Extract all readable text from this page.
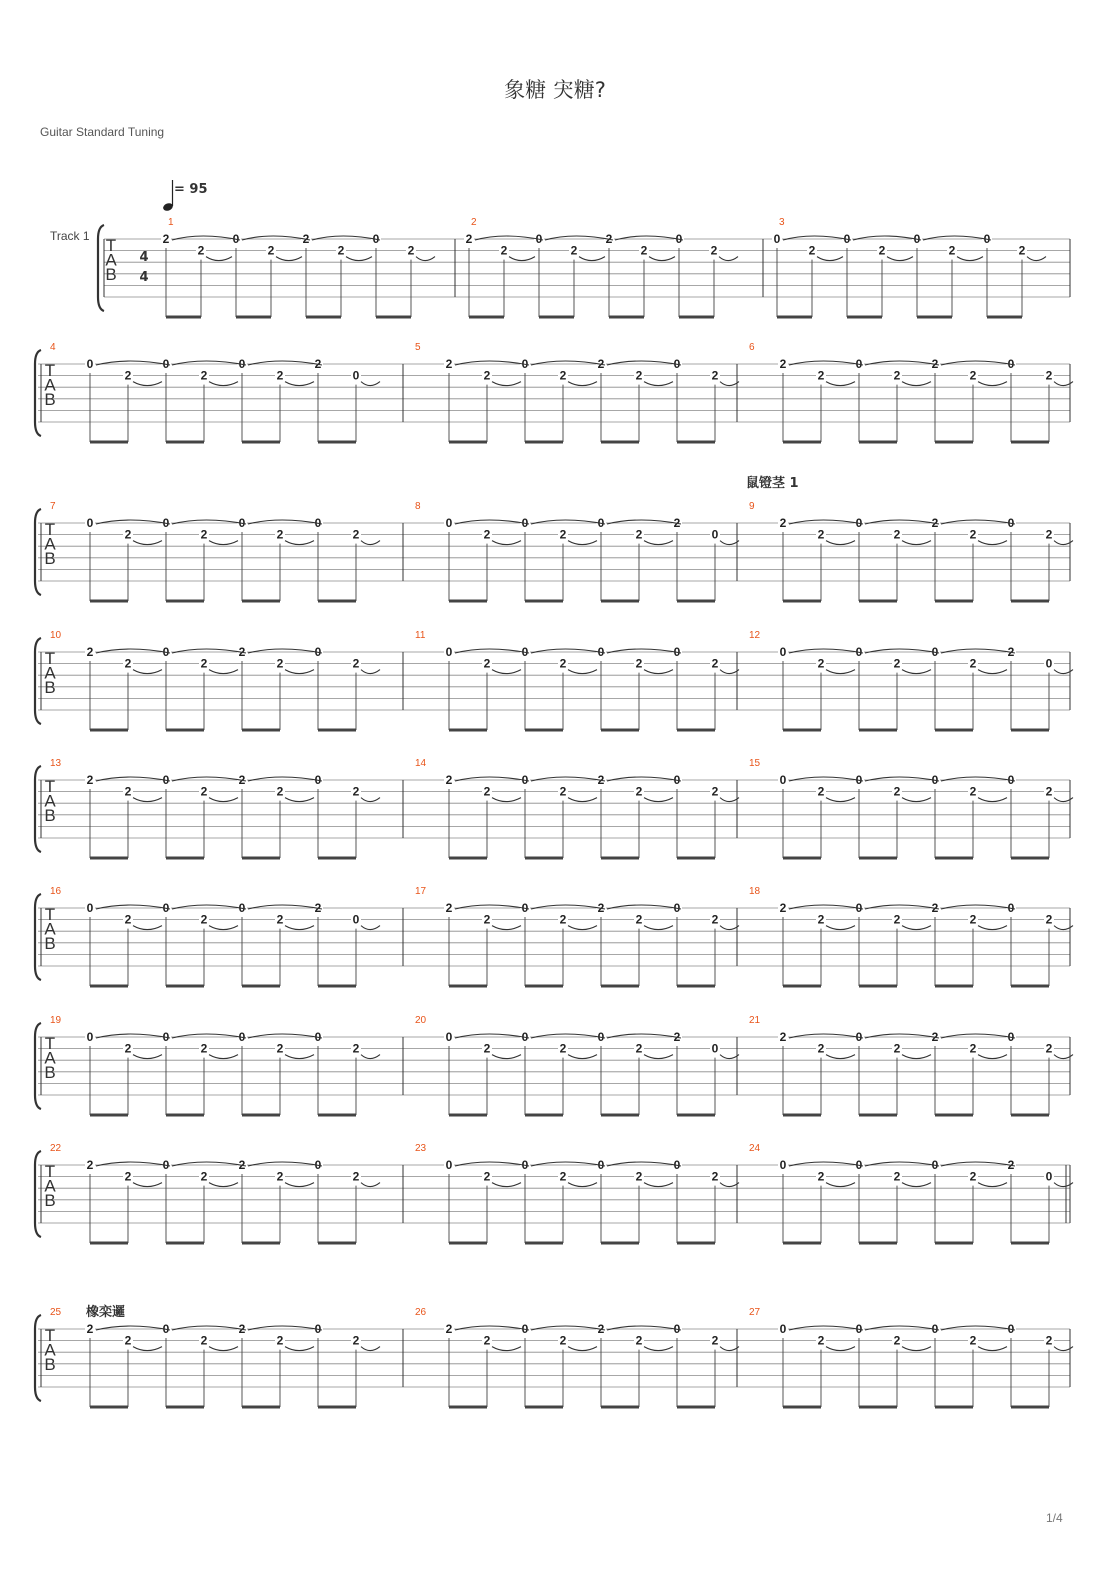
象糖 宊糖?
Guitar Standard Tuning
1/4
T
A
B
Track 1
4
4
= 95
1
2
2
0
2
2
2
0
2
2
2
2
0
2
2
2
0
2
3
0
2
0
2
0
2
0
2
T
A
B
4
0
2
0
2
0
2
2
0
5
2
2
0
2
2
2
0
2
6
2
2
0
2
2
2
0
2
T
A
B
7
0
2
0
2
0
2
0
2
8
0
2
0
2
0
2
2
0
9
2
2
0
2
2
2
0
2
T
A
B
10
2
2
0
2
2
2
0
2
11
0
2
0
2
0
2
0
2
12
0
2
0
2
0
2
2
0
T
A
B
13
2
2
0
2
2
2
0
2
14
2
2
0
2
2
2
0
2
15
0
2
0
2
0
2
0
2
T
A
B
16
0
2
0
2
0
2
2
0
17
2
2
0
2
2
2
0
2
18
2
2
0
2
2
2
0
2
T
A
B
19
0
2
0
2
0
2
0
2
20
0
2
0
2
0
2
2
0
21
2
2
0
2
2
2
0
2
T
A
B
22
2
2
0
2
2
2
0
2
23
0
2
0
2
0
2
0
2
24
0
2
0
2
0
2
2
0
T
A
B
25
2
2
0
2
2
2
0
2
26
2
2
0
2
2
2
0
2
27
0
2
0
2
0
2
0
2
鼠镫茎 1
橡栾邏
